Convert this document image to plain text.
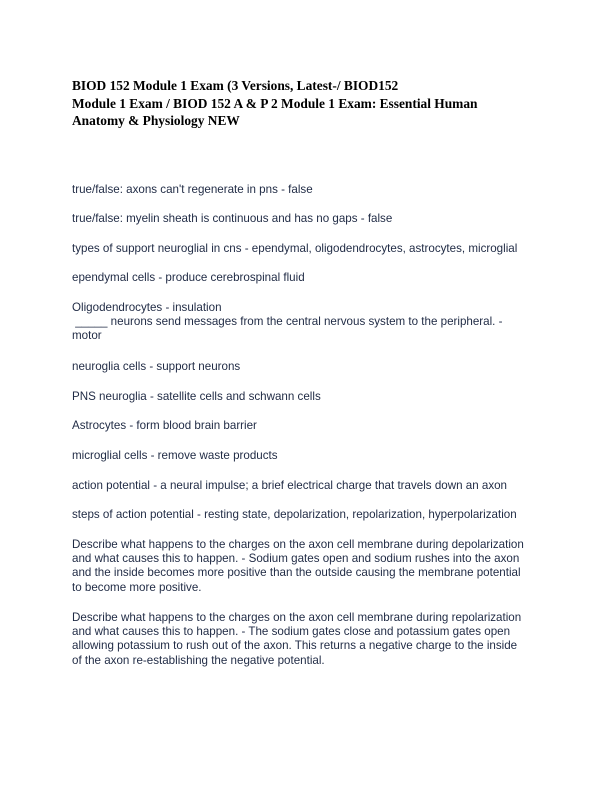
BIOD 152 Module 1 Exam (3 Versions, Latest-/ BIOD152
Module 1 Exam / BIOD 152 A & P 2 Module 1 Exam: Essential Human
Anatomy & Physiology NEW

true/false: axons can't regenerate in pns - false

true/false: myelin sheath is continuous and has no gaps - false

types of support neuroglial in cns - ependymal, oligodendrocytes, astrocytes, microglial

ependymal cells - produce cerebrospinal fluid

Oligodendrocytes - insulation
_____ neurons send messages from the central nervous system to the peripheral. -
motor

neuroglia cells - support neurons

PNS neuroglia - satellite cells and schwann cells

Astrocytes - form blood brain barrier

microglial cells - remove waste products

action potential - a neural impulse; a brief electrical charge that travels down an axon

steps of action potential - resting state, depolarization, repolarization, hyperpolarization

Describe what happens to the charges on the axon cell membrane during depolarization
and what causes this to happen. - Sodium gates open and sodium rushes into the axon
and the inside becomes more positive than the outside causing the membrane potential
to become more positive.

Describe what happens to the charges on the axon cell membrane during repolarization
and what causes this to happen. - The sodium gates close and potassium gates open
allowing potassium to rush out of the axon. This returns a negative charge to the inside
of the axon re-establishing the negative potential.
